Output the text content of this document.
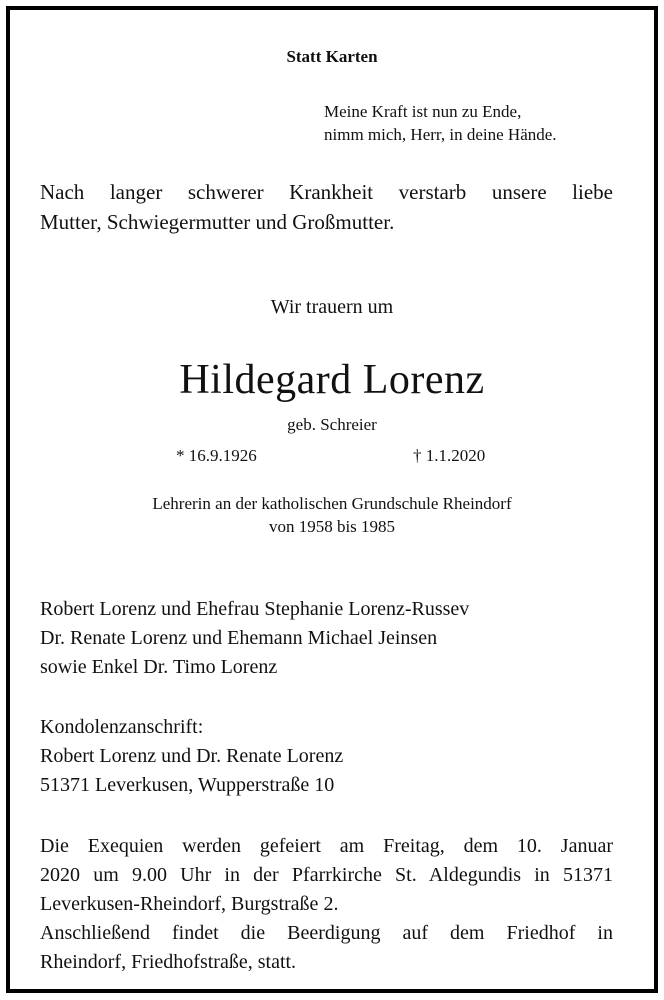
Statt Karten

Meine Kraft ist nun zu Ende,

nimm mich, Herr, in deine Hände.

Nach langer schwerer Krankheit verstarb unsere liebe

Mutter, Schwiegermutter und Großmutter.

Wir trauern um

Hildegard Lorenz

geb. Schreier

* 16.9.1926	† 1.1.2020

Lehrerin an der katholischen Grundschule Rheindorf

von 1958 bis 1985

Robert Lorenz und Ehefrau Stephanie Lorenz-Russev

Dr. Renate Lorenz und Ehemann Michael Jeinsen

sowie Enkel Dr. Timo Lorenz

Kondolenzanschrift:

Robert Lorenz und Dr. Renate Lorenz

51371 Leverkusen, Wupperstraße 10

Die Exequien werden gefeiert am Freitag, dem 10. Januar

2020 um 9.00 Uhr in der Pfarrkirche St. Aldegundis in 51371

Leverkusen-Rheindorf, Burgstraße 2.

Anschließend findet die Beerdigung auf dem Friedhof in

Rheindorf, Friedhofstraße, statt.
